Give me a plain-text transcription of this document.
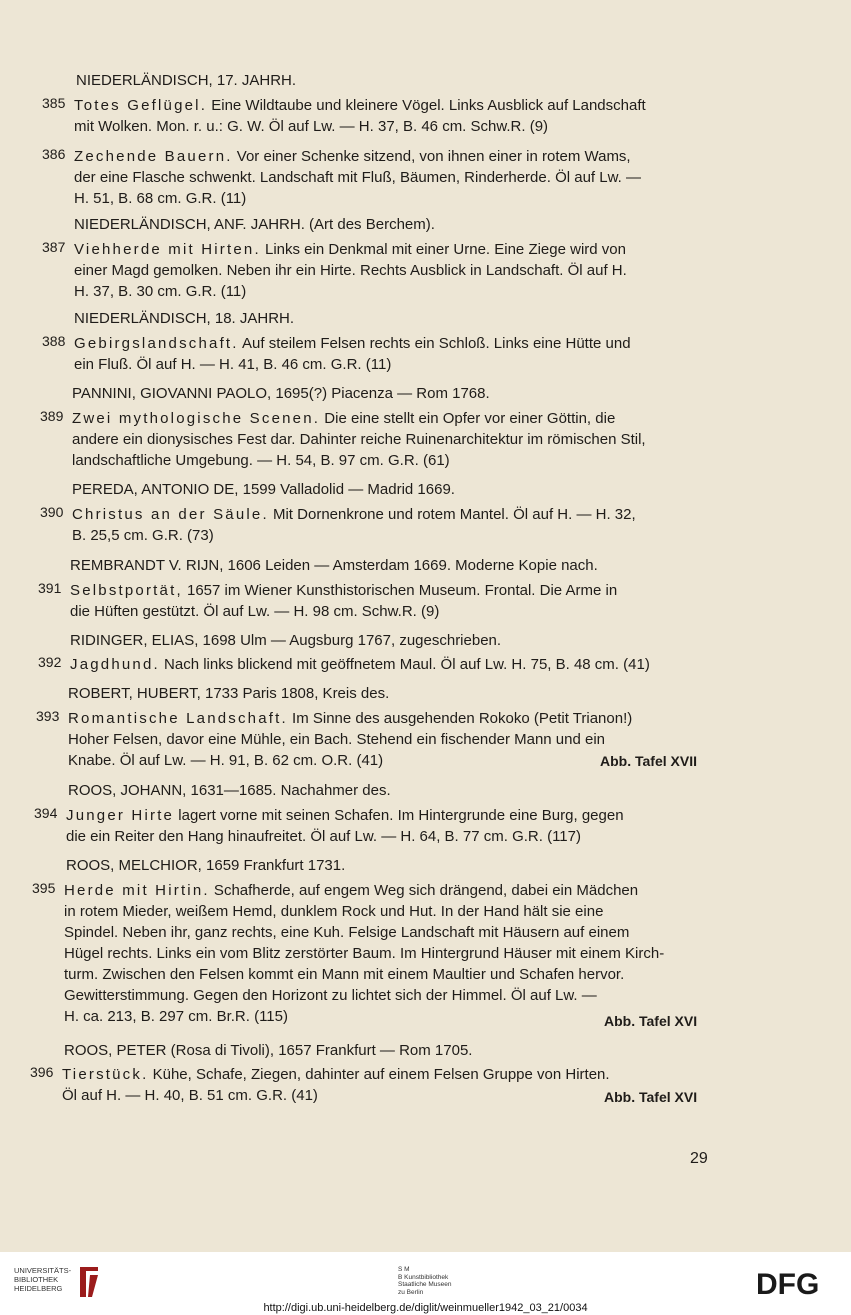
NIEDERLÄNDISCH, 17. JAHRH.
385 Totes Geflügel. Eine Wildtaube und kleinere Vögel. Links Ausblick auf Landschaft
mit Wolken. Mon. r. u.: G. W. Öl auf Lw. — H. 37, B. 46 cm. Schw.R. (9)
386 Zechende Bauern. Vor einer Schenke sitzend, von ihnen einer in rotem Wams,
der eine Flasche schwenkt. Landschaft mit Fluß, Bäumen, Rinderherde. Öl auf Lw. —
H. 51, B. 68 cm. G.R. (11)
NIEDERLÄNDISCH, ANF. JAHRH. (Art des Berchem).
387 Viehherde mit Hirten. Links ein Denkmal mit einer Urne. Eine Ziege wird von
einer Magd gemolken. Neben ihr ein Hirte. Rechts Ausblick in Landschaft. Öl auf H.
H. 37, B. 30 cm. G.R. (11)
NIEDERLÄNDISCH, 18. JAHRH.
388 Gebirgslandschaft. Auf steilem Felsen rechts ein Schloß. Links eine Hütte und
ein Fluß. Öl auf H. — H. 41, B. 46 cm. G.R. (11)
PANNINI, GIOVANNI PAOLO, 1695(?) Piacenza — Rom 1768.
389 Zwei mythologische Scenen. Die eine stellt ein Opfer vor einer Göttin, die
andere ein dionysisches Fest dar. Dahinter reiche Ruinenarchitektur im römischen Stil,
landschaftliche Umgebung. — H. 54, B. 97 cm. G.R. (61)
PEREDA, ANTONIO DE, 1599 Valladolid — Madrid 1669.
390 Christus an der Säule. Mit Dornenkrone und rotem Mantel. Öl auf H. — H. 32,
B. 25,5 cm. G.R. (73)
REMBRANDT V. RIJN, 1606 Leiden — Amsterdam 1669. Moderne Kopie nach.
391 Selbstportät, 1657 im Wiener Kunsthistorischen Museum. Frontal. Die Arme in
die Hüften gestützt. Öl auf Lw. — H. 98 cm. Schw.R. (9)
RIDINGER, ELIAS, 1698 Ulm — Augsburg 1767, zugeschrieben.
392 Jagdhund. Nach links blickend mit geöffnetem Maul. Öl auf Lw. H. 75, B. 48 cm. (41)
ROBERT, HUBERT, 1733 Paris 1808, Kreis des.
393 Romantische Landschaft. Im Sinne des ausgehenden Rokoko (Petit Trianon!)
Hoher Felsen, davor eine Mühle, ein Bach. Stehend ein fischender Mann und ein
Knabe. Öl auf Lw. — H. 91, B. 62 cm. O.R. (41)	Abb. Tafel XVII
ROOS, JOHANN, 1631—1685. Nachahmer des.
394 Junger Hirte lagert vorne mit seinen Schafen. Im Hintergrunde eine Burg, gegen
die ein Reiter den Hang hinaufreitet. Öl auf Lw. — H. 64, B. 77 cm. G.R. (117)
ROOS, MELCHIOR, 1659 Frankfurt 1731.
395 Herde mit Hirtin. Schafherde, auf engem Weg sich drängend, dabei ein Mädchen
in rotem Mieder, weißem Hemd, dunklem Rock und Hut. In der Hand hält sie eine
Spindel. Neben ihr, ganz rechts, eine Kuh. Felsige Landschaft mit Häusern auf einem
Hügel rechts. Links ein vom Blitz zerstörter Baum. Im Hintergrund Häuser mit einem Kirch-
turm. Zwischen den Felsen kommt ein Mann mit einem Maultier und Schafen hervor.
Gewitterstimmung. Gegen den Horizont zu lichtet sich der Himmel. Öl auf Lw. —
H. ca. 213, B. 297 cm. Br.R. (115)	Abb. Tafel XVI
ROOS, PETER (Rosa di Tivoli), 1657 Frankfurt — Rom 1705.
396 Tierstück. Kühe, Schafe, Ziegen, dahinter auf einem Felsen Gruppe von Hirten.
Öl auf H. — H. 40, B. 51 cm. G.R. (41)	Abb. Tafel XVI
29
UNIVERSITÄTS-
BIBLIOTHEK
HEIDELBERG
S M
B Kunstbibliothek
Staatliche Museen
zu Berlin	DFG
http://digi.ub.uni-heidelberg.de/diglit/weinmueller1942_03_21/0034
